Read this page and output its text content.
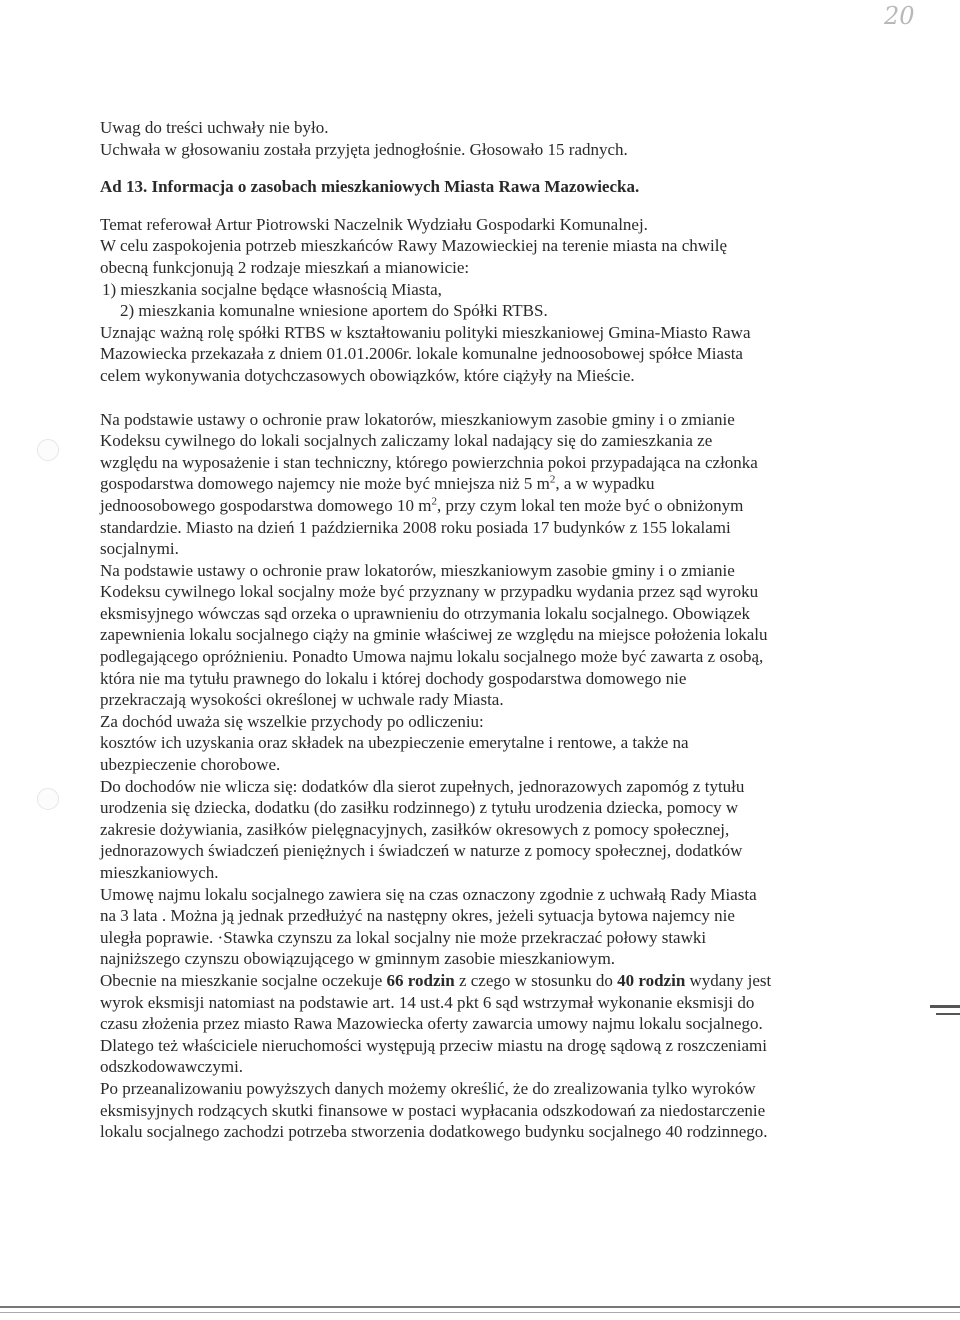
20

Uwag do treści uchwały nie było.

Uchwała w głosowaniu została przyjęta jednogłośnie. Głosowało 15 radnych.

Ad 13. Informacja o zasobach mieszkaniowych Miasta Rawa Mazowiecka.

Temat referował Artur Piotrowski Naczelnik Wydziału Gospodarki Komunalnej.

W celu zaspokojenia potrzeb mieszkańców Rawy Mazowieckiej na terenie miasta na chwilę

obecną funkcjonują 2 rodzaje mieszkań a mianowicie:

1) mieszkania socjalne będące własnością Miasta,

2) mieszkania komunalne wniesione aportem do Spółki RTBS.

Uznając ważną rolę spółki RTBS w kształtowaniu polityki mieszkaniowej Gmina-Miasto Rawa

Mazowiecka przekazała z dniem 01.01.2006r. lokale komunalne jednoosobowej spółce Miasta

celem wykonywania dotychczasowych obowiązków, które ciążyły na Mieście.

Na podstawie ustawy o ochronie praw lokatorów, mieszkaniowym zasobie gminy i o zmianie

Kodeksu cywilnego do lokali socjalnych zaliczamy lokal nadający się do zamieszkania ze

względu na wyposażenie i stan techniczny, którego powierzchnia pokoi przypadająca na członka

gospodarstwa domowego najemcy nie może być mniejsza niż 5 $m^2$, a w wypadku

jednoosobowego gospodarstwa domowego 10 $m^2$, przy czym lokal ten może być o obniżonym

standardzie. Miasto na dzień 1 października 2008 roku posiada 17 budynków z 155 lokalami

socjalnymi.

Na podstawie ustawy o ochronie praw lokatorów, mieszkaniowym zasobie gminy i o zmianie

Kodeksu cywilnego lokal socjalny może być przyznany w przypadku wydania przez sąd wyroku

eksmisyjnego wówczas sąd orzeka o uprawnieniu do otrzymania lokalu socjalnego. Obowiązek

zapewnienia lokalu socjalnego ciąży na gminie właściwej ze względu na miejsce położenia lokalu

podlegającego opróżnieniu. Ponadto Umowa najmu lokalu socjalnego może być zawarta z osobą,

która nie ma tytułu prawnego do lokalu i której dochody gospodarstwa domowego nie

przekraczają wysokości określonej w uchwale rady Miasta.

Za dochód uważa się wszelkie przychody po odliczeniu:

kosztów ich uzyskania oraz składek na ubezpieczenie emerytalne i rentowe, a także na

ubezpieczenie chorobowe.

Do dochodów nie wlicza się: dodatków dla sierot zupełnych, jednorazowych zapomóg z tytułu

urodzenia się dziecka, dodatku (do zasiłku rodzinnego) z tytułu urodzenia dziecka, pomocy w

zakresie dożywiania, zasiłków pielęgnacyjnych, zasiłków okresowych z pomocy społecznej,

jednorazowych świadczeń pieniężnych i świadczeń w naturze z pomocy społecznej, dodatków

mieszkaniowych.

Umowę najmu lokalu socjalnego zawiera się na czas oznaczony zgodnie z uchwałą Rady Miasta

na 3 lata . Można ją jednak przedłużyć na następny okres, jeżeli sytuacja bytowa najemcy nie

uległa poprawie. ·Stawka czynszu za lokal socjalny nie może przekraczać połowy stawki

najniższego czynszu obowiązującego w gminnym zasobie mieszkaniowym.

Obecnie na mieszkanie socjalne oczekuje 66 rodzin z czego w stosunku do 40 rodzin wydany jest

wyrok eksmisji natomiast na podstawie art. 14 ust.4 pkt 6 sąd wstrzymał wykonanie eksmisji do

czasu złożenia przez miasto Rawa Mazowiecka oferty zawarcia umowy najmu lokalu socjalnego.

Dlatego też właściciele nieruchomości występują przeciw miastu na drogę sądową z roszczeniami

odszkodowawczymi.

Po przeanalizowaniu powyższych danych możemy określić, że do zrealizowania tylko wyroków

eksmisyjnych rodzących skutki finansowe w postaci wypłacania odszkodowań za niedostarczenie

lokalu socjalnego zachodzi potrzeba stworzenia dodatkowego budynku socjalnego 40 rodzinnego.
